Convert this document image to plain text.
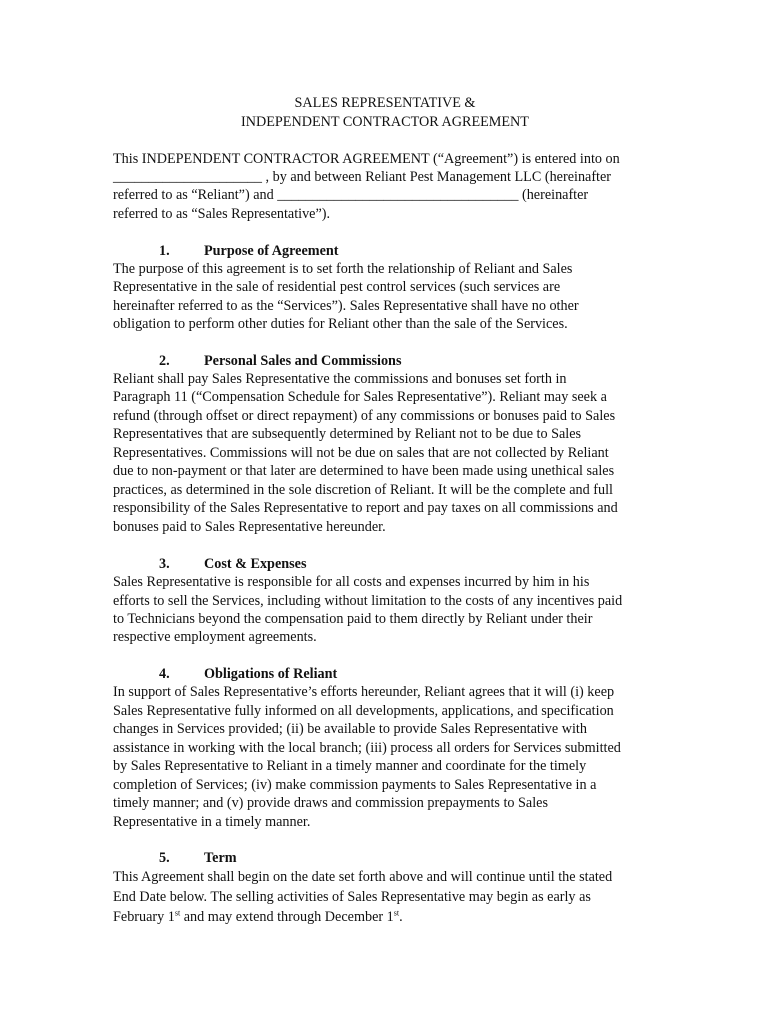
SALES REPRESENTATIVE &
INDEPENDENT CONTRACTOR AGREEMENT
This INDEPENDENT CONTRACTOR AGREEMENT (“Agreement”) is entered into on
_____________________ , by and between Reliant Pest Management LLC (hereinafter
referred to as “Reliant”) and __________________________________ (hereinafter
referred to as “Sales Representative”).
1. Purpose of Agreement
The purpose of this agreement is to set forth the relationship of Reliant and Sales
Representative in the sale of residential pest control services (such services are
hereinafter referred to as the “Services”). Sales Representative shall have no other
obligation to perform other duties for Reliant other than the sale of the Services.
2. Personal Sales and Commissions
Reliant shall pay Sales Representative the commissions and bonuses set forth in
Paragraph 11 (“Compensation Schedule for Sales Representative”). Reliant may seek a
refund (through offset or direct repayment) of any commissions or bonuses paid to Sales
Representatives that are subsequently determined by Reliant not to be due to Sales
Representatives. Commissions will not be due on sales that are not collected by Reliant
due to non-payment or that later are determined to have been made using unethical sales
practices, as determined in the sole discretion of Reliant. It will be the complete and full
responsibility of the Sales Representative to report and pay taxes on all commissions and
bonuses paid to Sales Representative hereunder.
3. Cost & Expenses
Sales Representative is responsible for all costs and expenses incurred by him in his
efforts to sell the Services, including without limitation to the costs of any incentives paid
to Technicians beyond the compensation paid to them directly by Reliant under their
respective employment agreements.
4. Obligations of Reliant
In support of Sales Representative’s efforts hereunder, Reliant agrees that it will (i) keep
Sales Representative fully informed on all developments, applications, and specification
changes in Services provided; (ii) be available to provide Sales Representative with
assistance in working with the local branch; (iii) process all orders for Services submitted
by Sales Representative to Reliant in a timely manner and coordinate for the timely
completion of Services; (iv) make commission payments to Sales Representative in a
timely manner; and (v) provide draws and commission prepayments to Sales
Representative in a timely manner.
5. Term
This Agreement shall begin on the date set forth above and will continue until the stated
End Date below. The selling activities of Sales Representative may begin as early as
February 1st and may extend through December 1st.
